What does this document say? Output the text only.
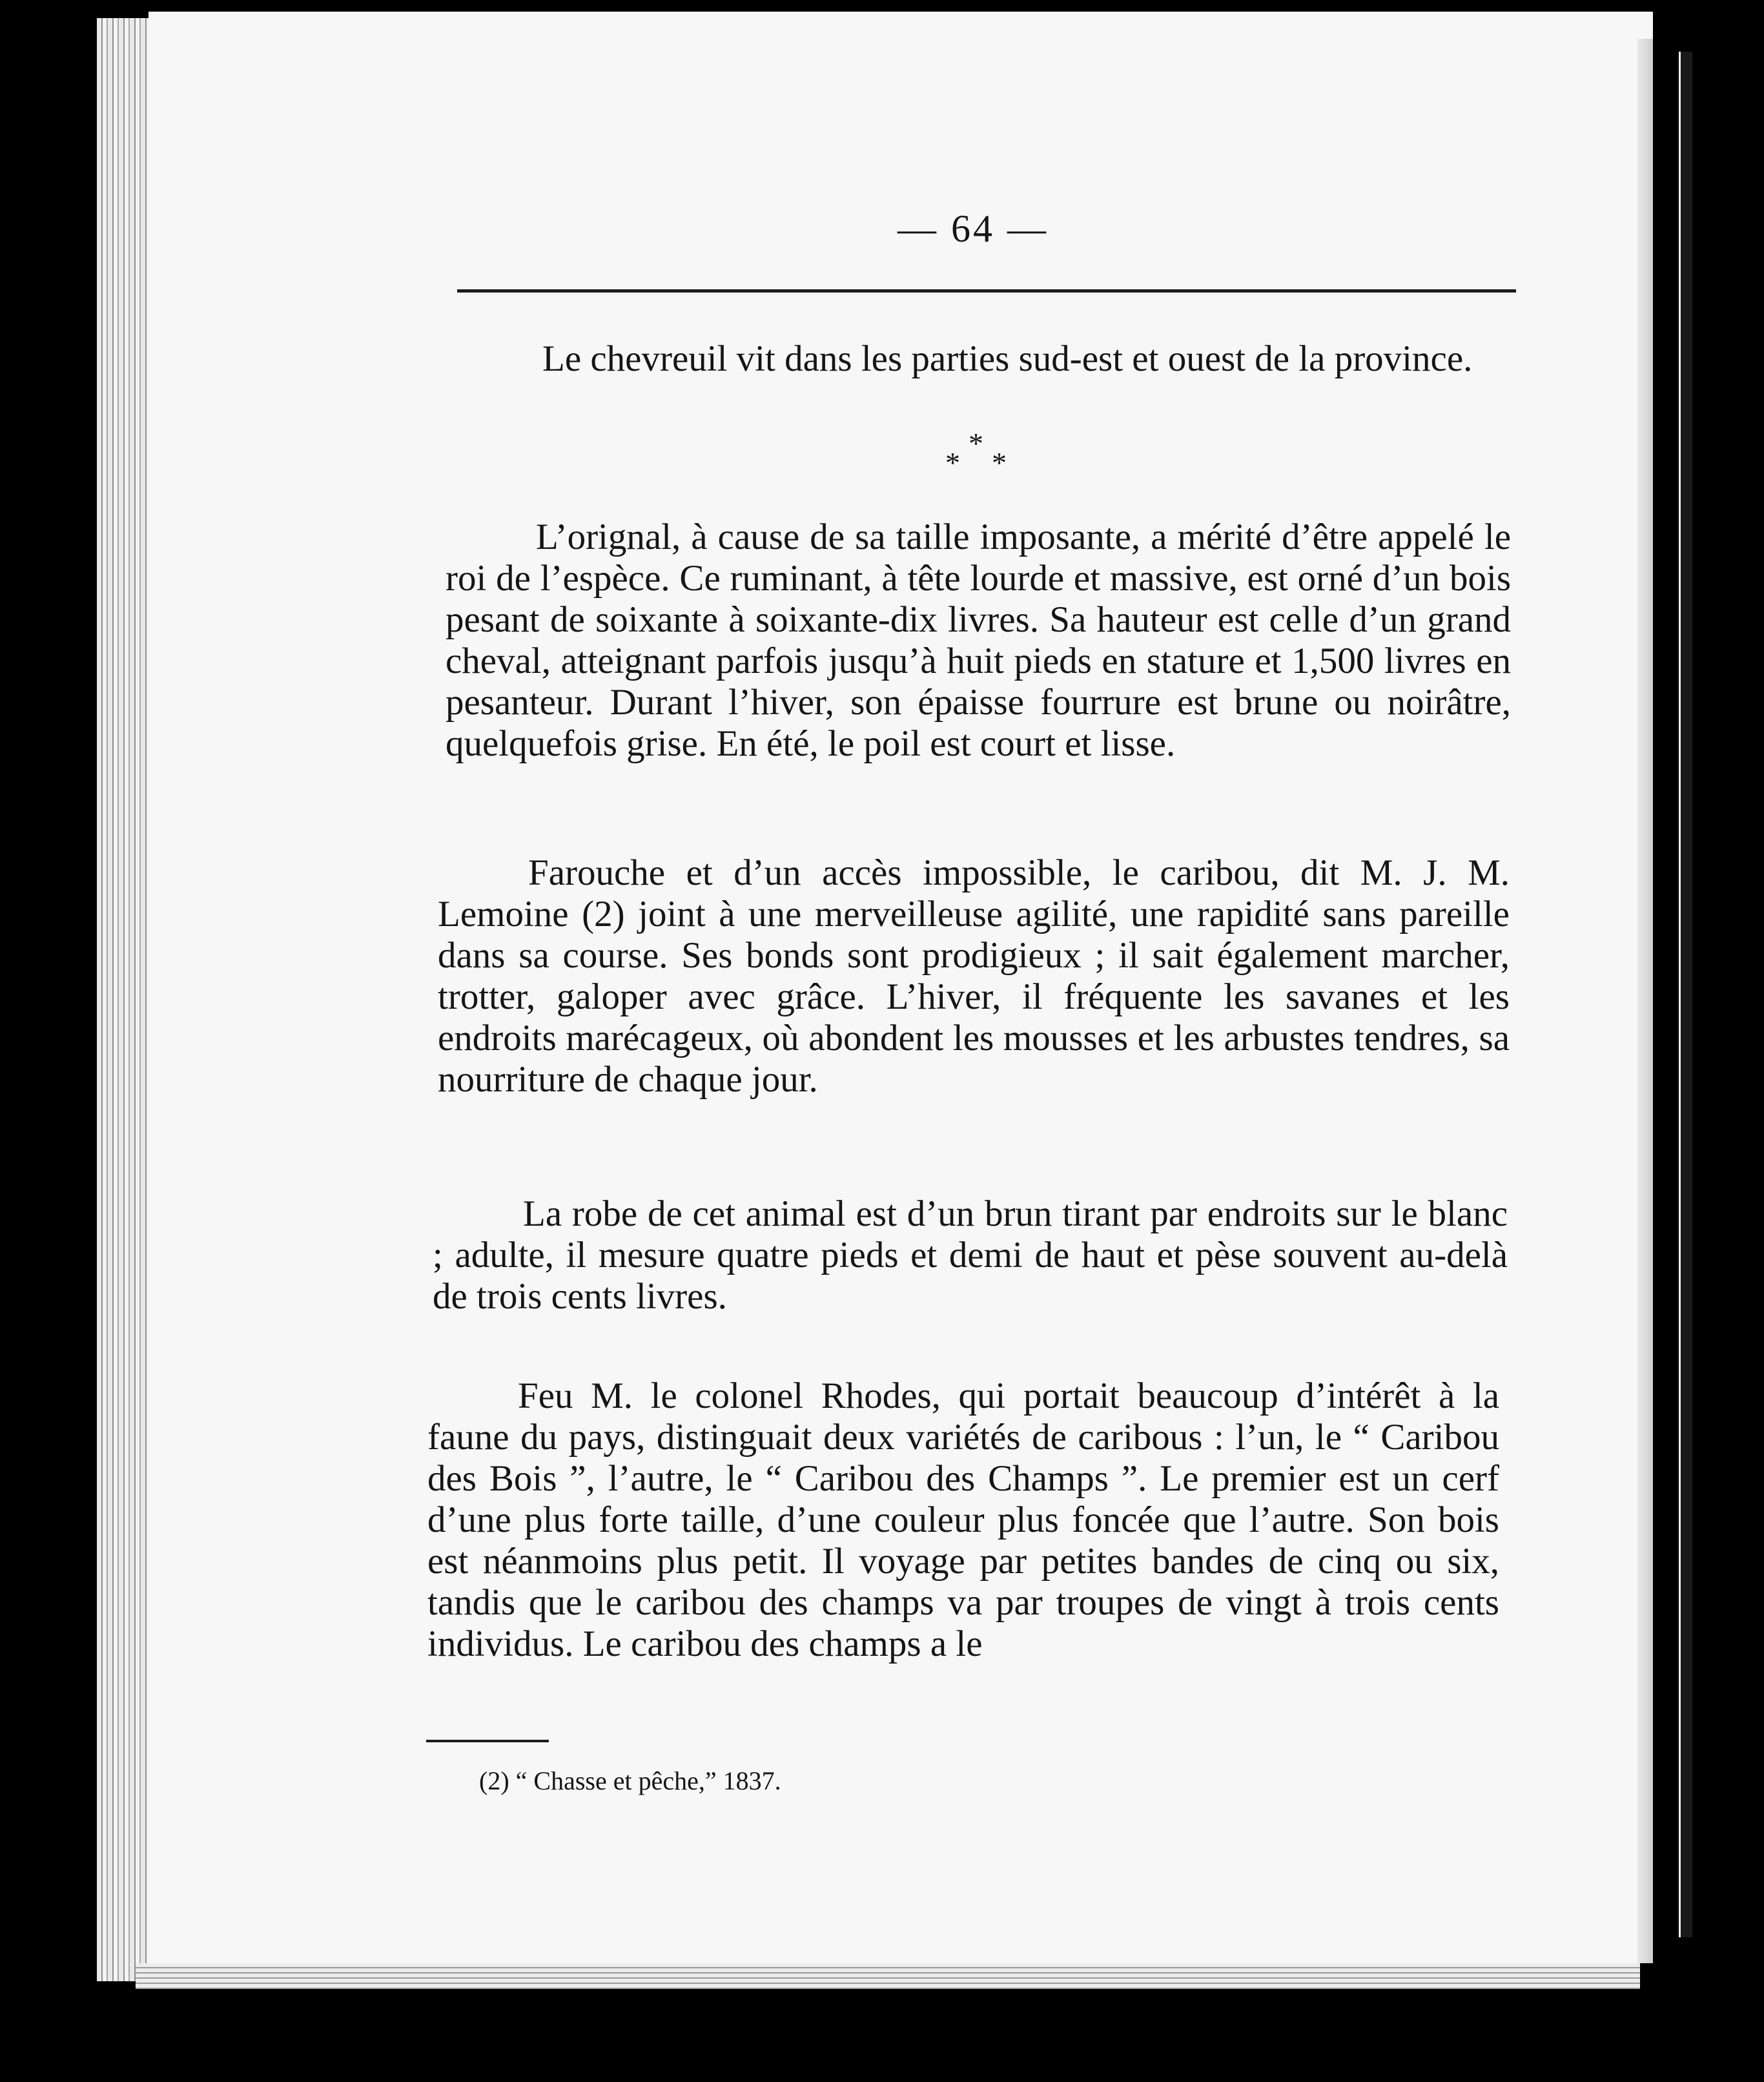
— 64 —

Le chevreuil vit dans les parties sud-est et ouest de la province.

*
* *

L’orignal, à cause de sa taille imposante, a mérité d’être appelé le roi de l’espèce. Ce ruminant, à tête lourde et massive, est orné d’un bois pesant de soixante à soixante-dix livres. Sa hauteur est celle d’un grand cheval, atteignant parfois jusqu’à huit pieds en stature et 1,500 livres en pesanteur. Durant l’hiver, son épaisse fourrure est brune ou noirâtre, quelquefois grise. En été, le poil est court et lisse.

Farouche et d’un accès impossible, le caribou, dit M. J. M. Lemoine (2) joint à une merveilleuse agilité, une rapidité sans pareille dans sa course. Ses bonds sont prodigieux ; il sait également marcher, trotter, galoper avec grâce. L’hiver, il fréquente les savanes et les endroits marécageux, où abondent les mousses et les arbustes tendres, sa nourriture de chaque jour.

La robe de cet animal est d’un brun tirant par endroits sur le blanc ; adulte, il mesure quatre pieds et demi de haut et pèse souvent au-delà de trois cents livres.

Feu M. le colonel Rhodes, qui portait beaucoup d’intérêt à la faune du pays, distinguait deux variétés de caribous : l’un, le “ Caribou des Bois ”, l’autre, le “ Caribou des Champs ”. Le premier est un cerf d’une plus forte taille, d’une couleur plus foncée que l’autre. Son bois est néanmoins plus petit. Il voyage par petites bandes de cinq ou six, tandis que le caribou des champs va par troupes de vingt à trois cents individus. Le caribou des champs a le

(2) “ Chasse et pêche,” 1837.
